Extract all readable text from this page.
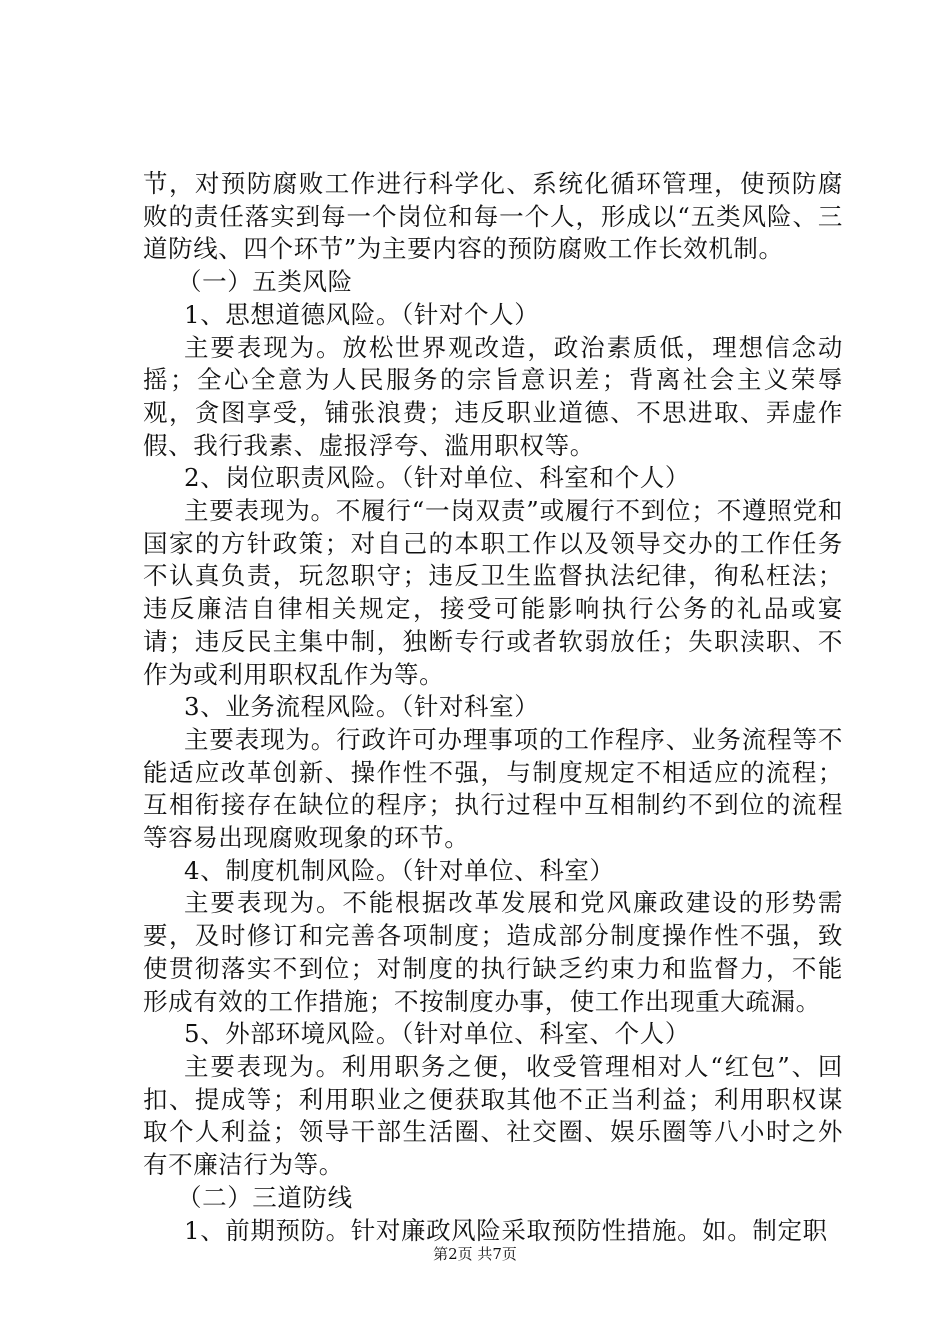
节，对预防腐败工作进行科学化、系统化循环管理，使预防腐败的责任落实到每一个岗位和每一个人，形成以“五类风险、三道防线、四个环节”为主要内容的预防腐败工作长效机制。

（一）五类风险

1、思想道德风险。（针对个人）

主要表现为。放松世界观改造，政治素质低，理想信念动摇；全心全意为人民服务的宗旨意识差；背离社会主义荣辱观，贪图享受，铺张浪费；违反职业道德、不思进取、弄虚作假、我行我素、虚报浮夸、滥用职权等。

2、岗位职责风险。（针对单位、科室和个人）

主要表现为。不履行“一岗双责”或履行不到位；不遵照党和国家的方针政策；对自己的本职工作以及领导交办的工作任务不认真负责，玩忽职守；违反卫生监督执法纪律，徇私枉法；违反廉洁自律相关规定，接受可能影响执行公务的礼品或宴请；违反民主集中制，独断专行或者软弱放任；失职渎职、不作为或利用职权乱作为等。

3、业务流程风险。（针对科室）

主要表现为。行政许可办理事项的工作程序、业务流程等不能适应改革创新、操作性不强，与制度规定不相适应的流程；互相衔接存在缺位的程序；执行过程中互相制约不到位的流程等容易出现腐败现象的环节。

4、制度机制风险。（针对单位、科室）

主要表现为。不能根据改革发展和党风廉政建设的形势需要，及时修订和完善各项制度；造成部分制度操作性不强，致使贯彻落实不到位；对制度的执行缺乏约束力和监督力，不能形成有效的工作措施；不按制度办事，使工作出现重大疏漏。

5、外部环境风险。（针对单位、科室、个人）

主要表现为。利用职务之便，收受管理相对人“红包”、回扣、提成等；利用职业之便获取其他不正当利益；利用职权谋取个人利益；领导干部生活圈、社交圈、娱乐圈等八小时之外有不廉洁行为等。

（二）三道防线

1、前期预防。针对廉政风险采取预防性措施。如。制定职

第2页 共7页
